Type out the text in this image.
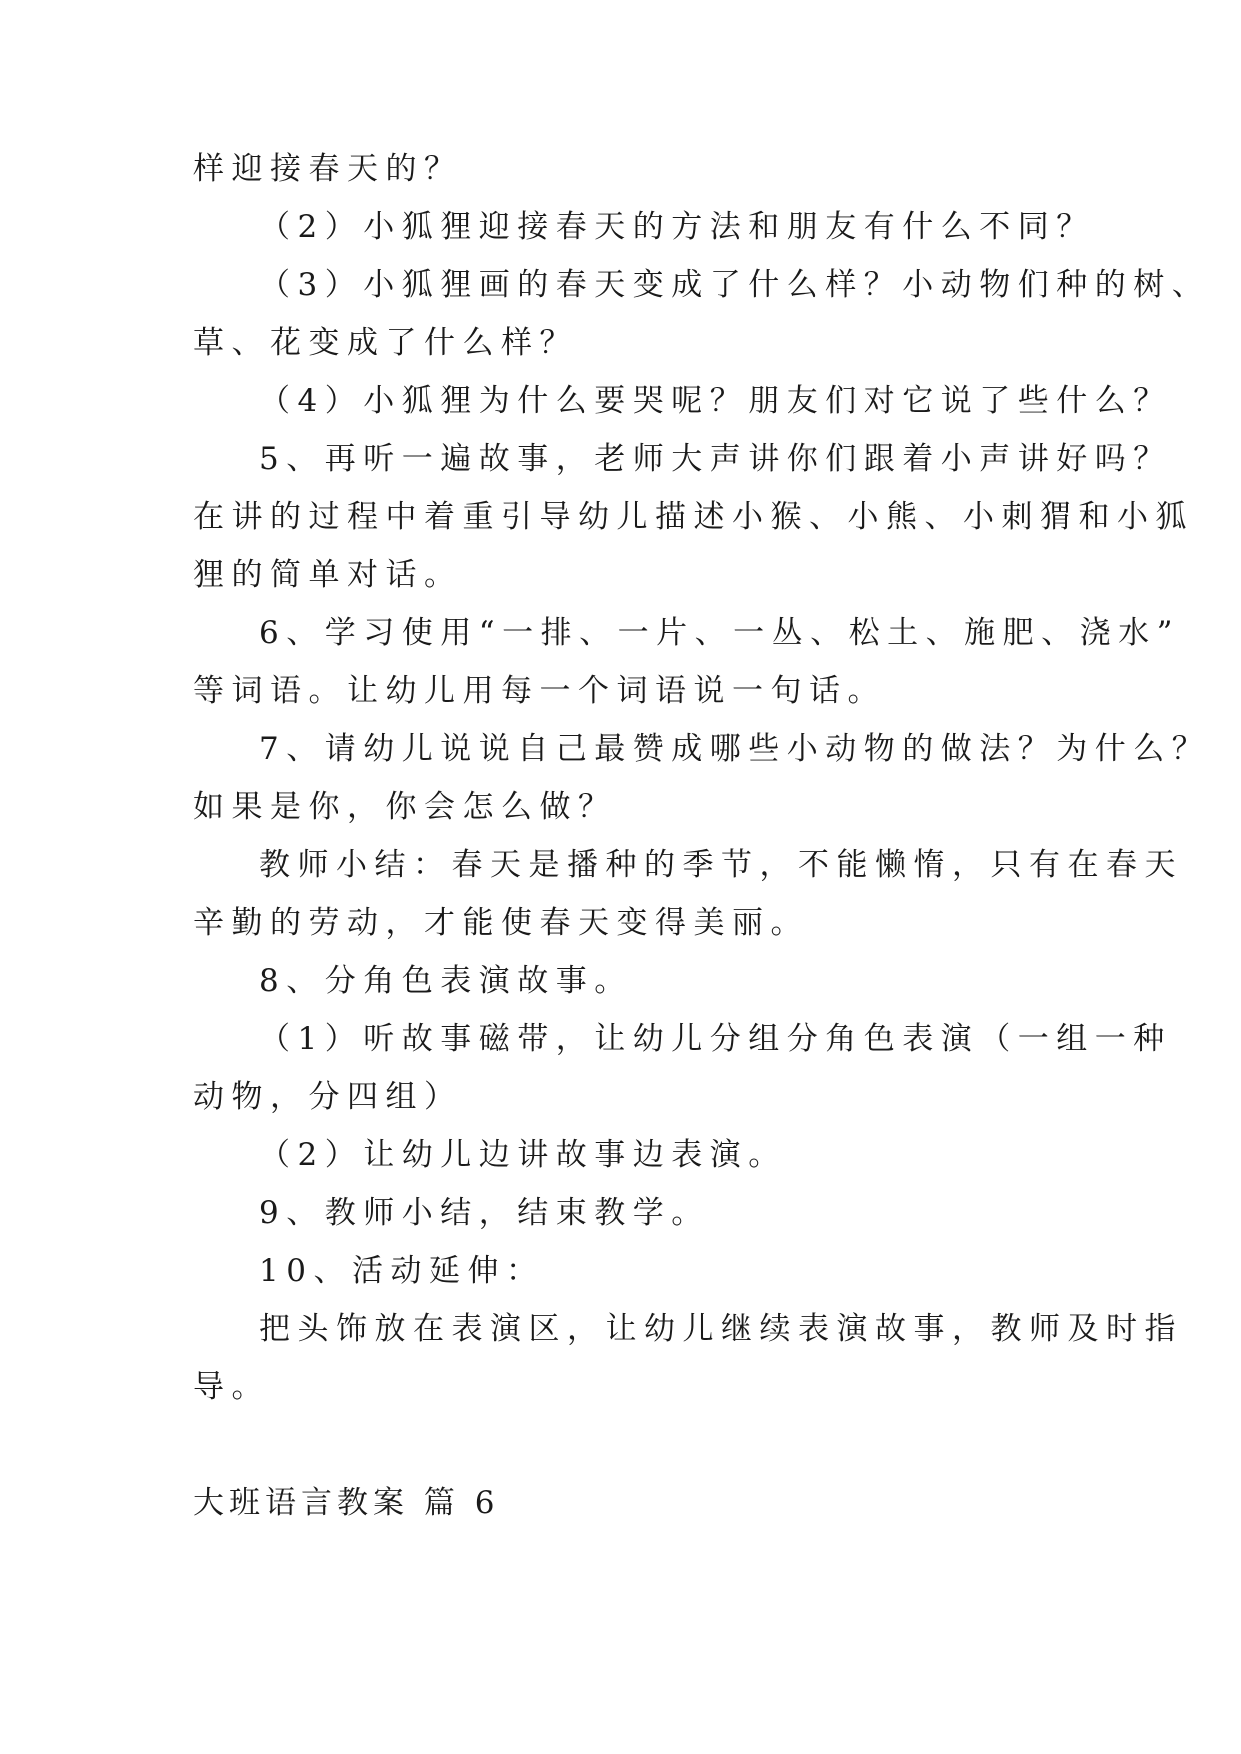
样迎接春天的？
（2）小狐狸迎接春天的方法和朋友有什么不同？
（3）小狐狸画的春天变成了什么样？小动物们种的树、
草、花变成了什么样？
（4）小狐狸为什么要哭呢？朋友们对它说了些什么？
5、再听一遍故事，老师大声讲你们跟着小声讲好吗？
在讲的过程中着重引导幼儿描述小猴、小熊、小刺猬和小狐
狸的简单对话。
6、学习使用“一排、一片、一丛、松土、施肥、浇水”
等词语。让幼儿用每一个词语说一句话。
7、请幼儿说说自己最赞成哪些小动物的做法？为什么？
如果是你，你会怎么做？
教师小结：春天是播种的季节，不能懒惰，只有在春天
辛勤的劳动，才能使春天变得美丽。
8、分角色表演故事。
（1）听故事磁带，让幼儿分组分角色表演（一组一种
动物，分四组）
（2）让幼儿边讲故事边表演。
9、教师小结，结束教学。
10、活动延伸：
把头饰放在表演区，让幼儿继续表演故事，教师及时指
导。
大班语言教案 篇 6
